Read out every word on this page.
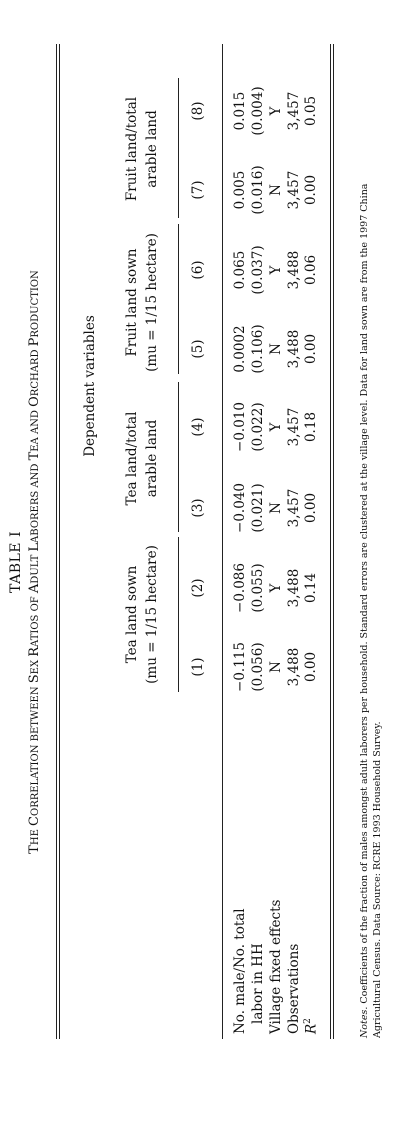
TABLE I
THE CORRELATION BETWEEN SEX RATIOS OF ADULT LABORERS AND TEA AND ORCHARD PRODUCTION
Dependent variables
Tea land sown (mu = 1/15 hectare)
Tea land/total arable land
Fruit land sown (mu = 1/15 hectare)
Fruit land/total arable land
(1)
(2)
(3)
(4)
(5)
(6)
(7)
(8)
−0.115
−0.086
−0.040
−0.010
0.0002
0.065
0.005
0.015
(0.056)
(0.055)
(0.021)
(0.022)
(0.106)
(0.037)
(0.016)
(0.004)
N
Y
N
Y
N
Y
N
Y
3,488
3,488
3,457
3,457
3,488
3,488
3,457
3,457
0.00
0.14
0.00
0.18
0.00
0.06
0.00
0.05
No. male/No. total labor in HH Village fixed effects Observations $R^2$	Notes. Coefficients of the fraction of males amongst adult laborers per household. Standard errors are clustered at the village level. Data for land sown are from the 1997 China Agricultural Census. Data Source: RCRE 1993 Household Survey.
